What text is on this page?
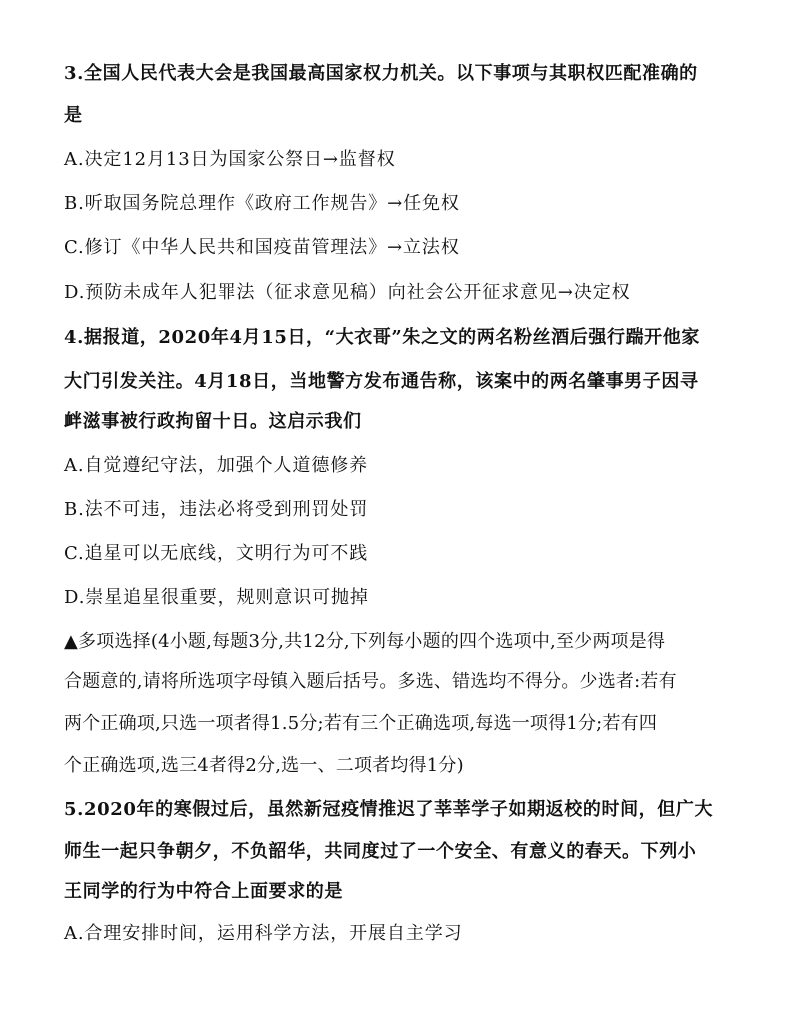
3.全国人民代表大会是我国最高国家权力机关。以下事项与其职权匹配准确的
是
A.决定12月13日为国家公祭日→监督权
B.听取国务院总理作《政府工作规告》→任免权
C.修订《中华人民共和国疫苗管理法》→立法权
D.预防未成年人犯罪法（征求意见稿）向社会公开征求意见→决定权
4.据报道，2020年4月15日，“大衣哥”朱之文的两名粉丝酒后强行踹开他家
大门引发关注。4月18日，当地警方发布通告称，该案中的两名肇事男子因寻
衅滋事被行政拘留十日。这启示我们
A.自觉遵纪守法，加强个人道德修养
B.法不可违，违法必将受到刑罚处罚
C.追星可以无底线，文明行为可不践
D.崇星追星很重要，规则意识可抛掉
▲多项选择(4小题,每题3分,共12分,下列每小题的四个选项中,至少两项是得
合题意的,请将所选项字母镇入题后括号。多选、错选均不得分。少选者:若有
两个正确项,只选一项者得1.5分;若有三个正确选项,每选一项得1分;若有四
个正确选项,选三4者得2分,选一、二项者均得1分)
5.2020年的寒假过后，虽然新冠疫情推迟了莘莘学子如期返校的时间，但广大
师生一起只争朝夕，不负韶华，共同度过了一个安全、有意义的春天。下列小
王同学的行为中符合上面要求的是
A.合理安排时间，运用科学方法，开展自主学习
